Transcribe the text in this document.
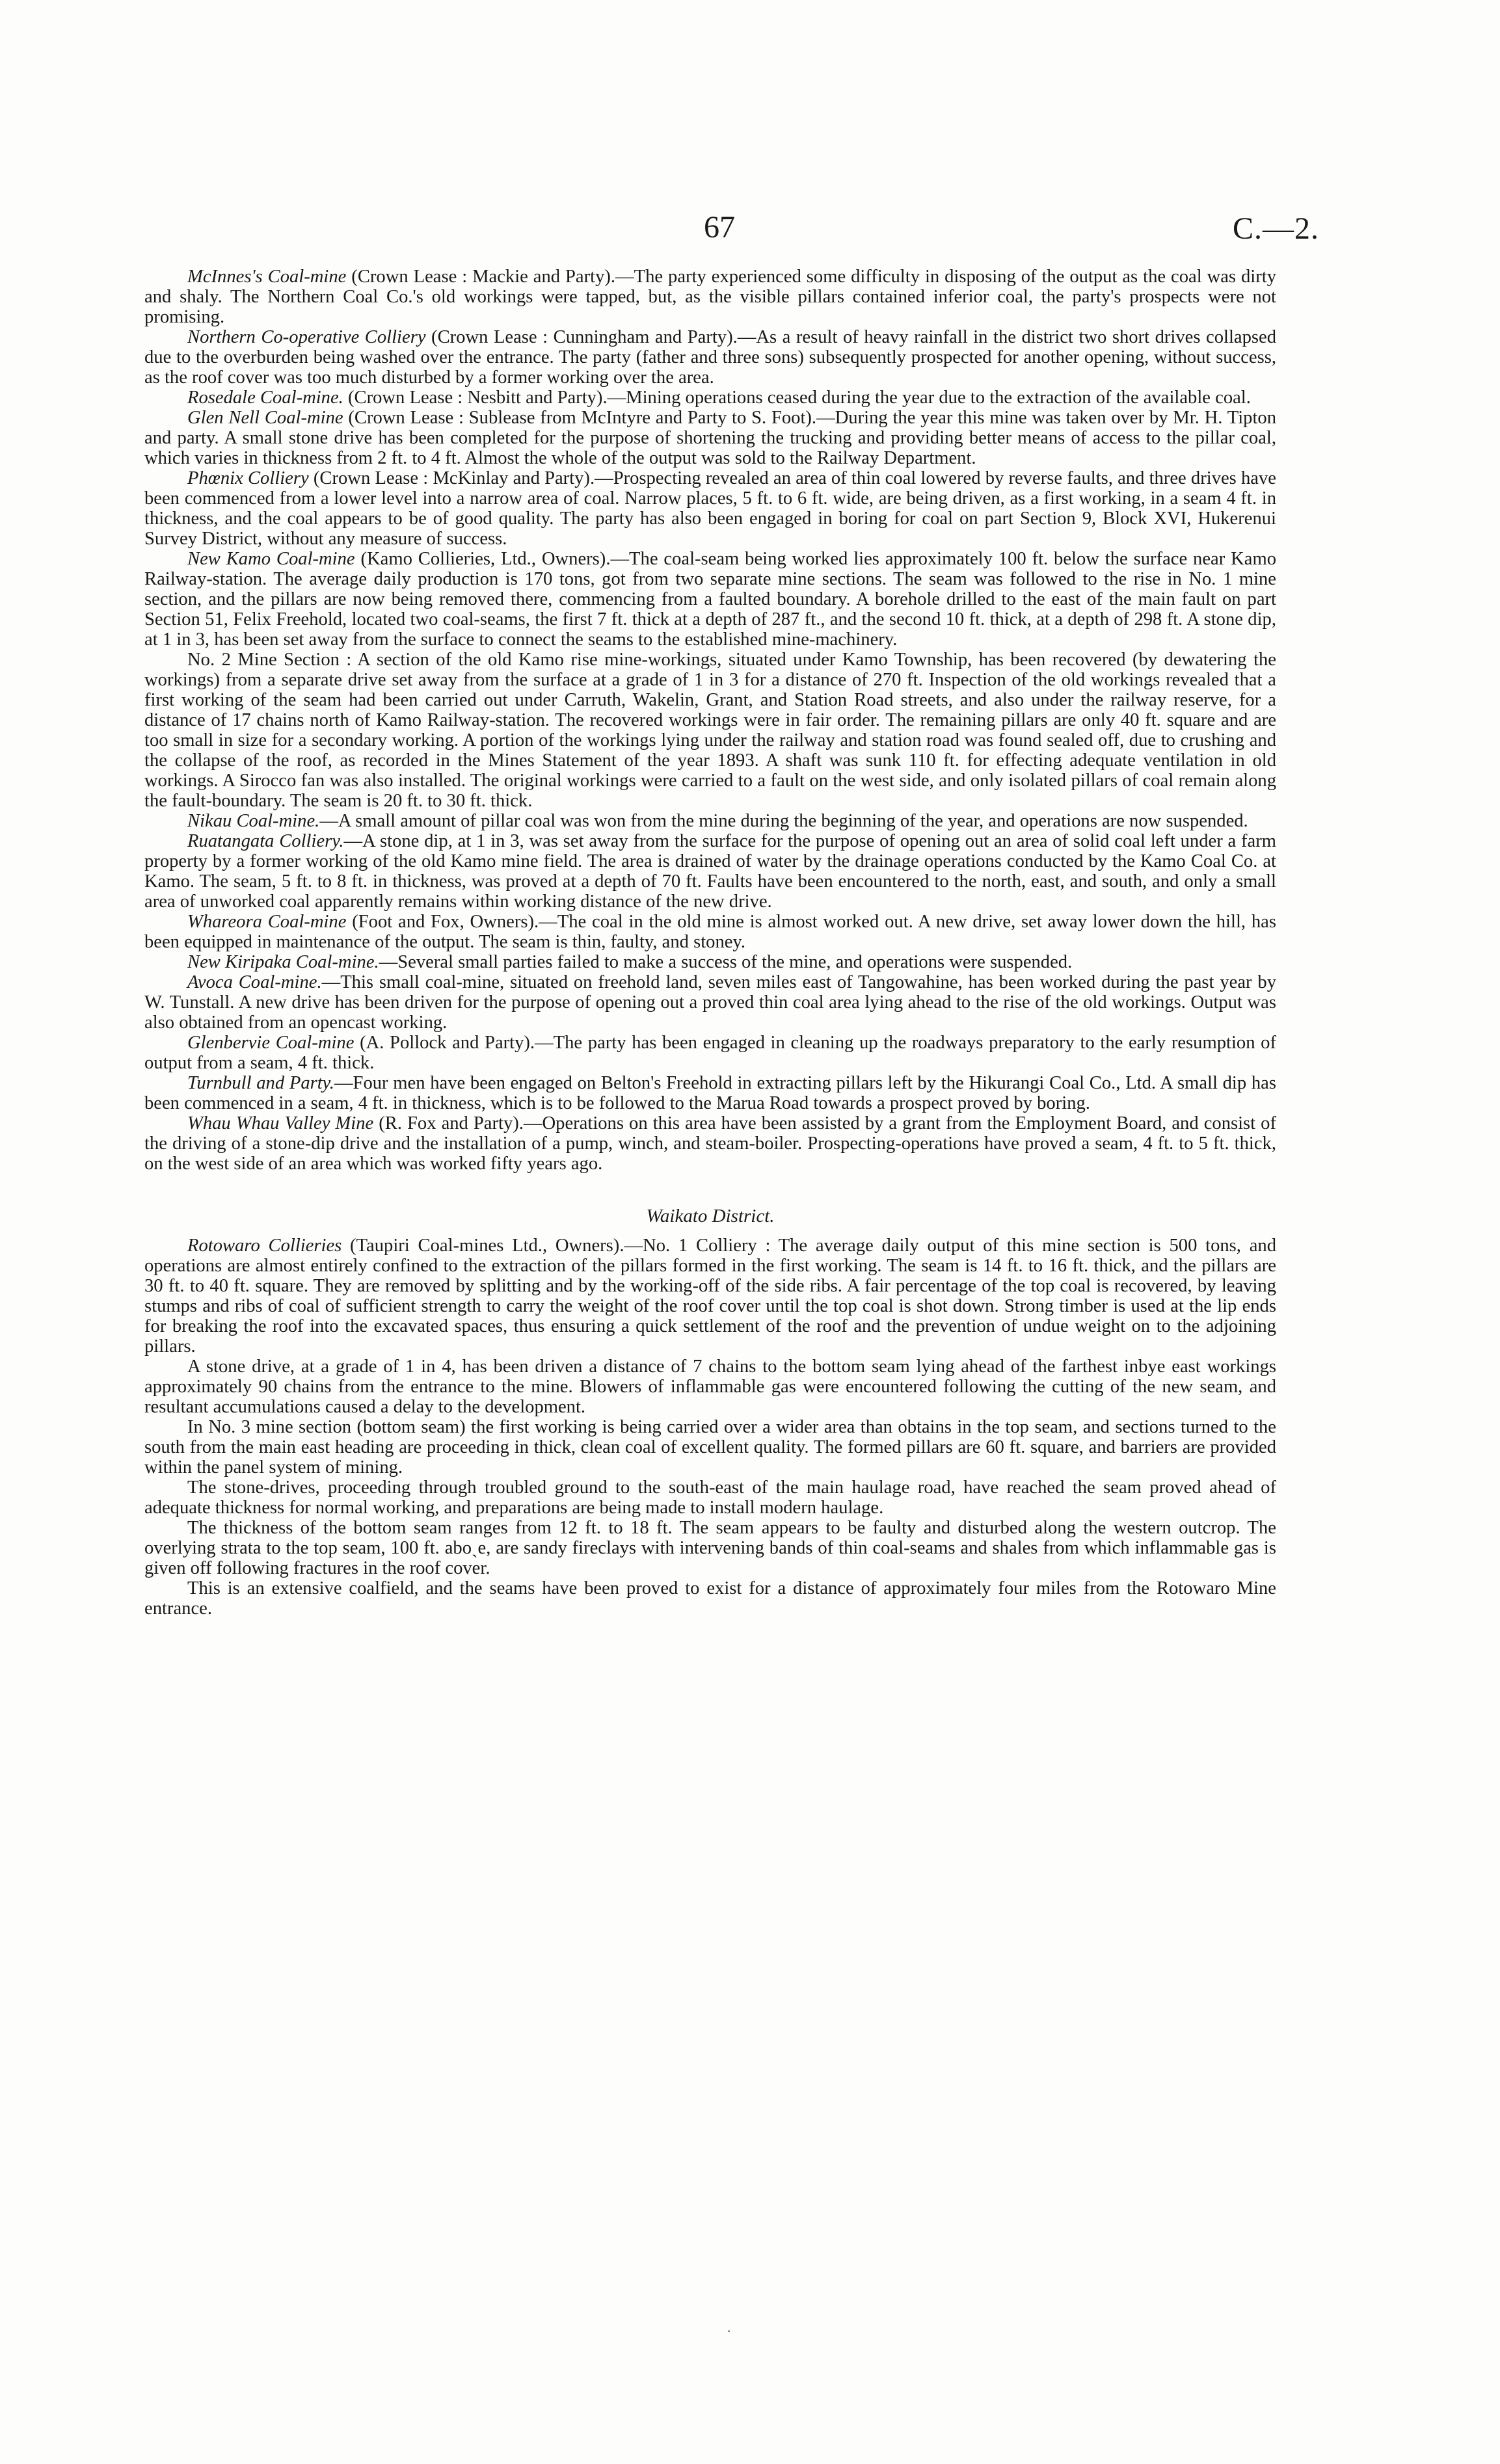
67	C.—2.

McInnes's Coal-mine (Crown Lease : Mackie and Party).—The party experienced some difficulty in disposing of the output as the coal was dirty and shaly. The Northern Coal Co.'s old workings were tapped, but, as the visible pillars contained inferior coal, the party's prospects were not promising.

Northern Co-operative Colliery (Crown Lease : Cunningham and Party).—As a result of heavy rainfall in the district two short drives collapsed due to the overburden being washed over the entrance. The party (father and three sons) subsequently prospected for another opening, without success, as the roof cover was too much disturbed by a former working over the area.

Rosedale Coal-mine. (Crown Lease : Nesbitt and Party).—Mining operations ceased during the year due to the extraction of the available coal.

Glen Nell Coal-mine (Crown Lease : Sublease from McIntyre and Party to S. Foot).—During the year this mine was taken over by Mr. H. Tipton and party. A small stone drive has been completed for the purpose of shortening the trucking and providing better means of access to the pillar coal, which varies in thickness from 2 ft. to 4 ft. Almost the whole of the output was sold to the Railway Department.

Phœnix Colliery (Crown Lease : McKinlay and Party).—Prospecting revealed an area of thin coal lowered by reverse faults, and three drives have been commenced from a lower level into a narrow area of coal. Narrow places, 5 ft. to 6 ft. wide, are being driven, as a first working, in a seam 4 ft. in thickness, and the coal appears to be of good quality. The party has also been engaged in boring for coal on part Section 9, Block XVI, Hukerenui Survey District, without any measure of success.

New Kamo Coal-mine (Kamo Collieries, Ltd., Owners).—The coal-seam being worked lies approximately 100 ft. below the surface near Kamo Railway-station. The average daily production is 170 tons, got from two separate mine sections. The seam was followed to the rise in No. 1 mine section, and the pillars are now being removed there, commencing from a faulted boundary. A borehole drilled to the east of the main fault on part Section 51, Felix Freehold, located two coal-seams, the first 7 ft. thick at a depth of 287 ft., and the second 10 ft. thick, at a depth of 298 ft. A stone dip, at 1 in 3, has been set away from the surface to connect the seams to the established mine-machinery.

No. 2 Mine Section : A section of the old Kamo rise mine-workings, situated under Kamo Township, has been recovered (by dewatering the workings) from a separate drive set away from the surface at a grade of 1 in 3 for a distance of 270 ft. Inspection of the old workings revealed that a first working of the seam had been carried out under Carruth, Wakelin, Grant, and Station Road streets, and also under the railway reserve, for a distance of 17 chains north of Kamo Railway-station. The recovered workings were in fair order. The remaining pillars are only 40 ft. square and are too small in size for a secondary working. A portion of the workings lying under the railway and station road was found sealed off, due to crushing and the collapse of the roof, as recorded in the Mines Statement of the year 1893. A shaft was sunk 110 ft. for effecting adequate ventilation in old workings. A Sirocco fan was also installed. The original workings were carried to a fault on the west side, and only isolated pillars of coal remain along the fault-boundary. The seam is 20 ft. to 30 ft. thick.

Nikau Coal-mine.—A small amount of pillar coal was won from the mine during the beginning of the year, and operations are now suspended.

Ruatangata Colliery.—A stone dip, at 1 in 3, was set away from the surface for the purpose of opening out an area of solid coal left under a farm property by a former working of the old Kamo mine field. The area is drained of water by the drainage operations conducted by the Kamo Coal Co. at Kamo. The seam, 5 ft. to 8 ft. in thickness, was proved at a depth of 70 ft. Faults have been encountered to the north, east, and south, and only a small area of unworked coal apparently remains within working distance of the new drive.

Whareora Coal-mine (Foot and Fox, Owners).—The coal in the old mine is almost worked out. A new drive, set away lower down the hill, has been equipped in maintenance of the output. The seam is thin, faulty, and stoney.

New Kiripaka Coal-mine.—Several small parties failed to make a success of the mine, and operations were suspended.

Avoca Coal-mine.—This small coal-mine, situated on freehold land, seven miles east of Tangowahine, has been worked during the past year by W. Tunstall. A new drive has been driven for the purpose of opening out a proved thin coal area lying ahead to the rise of the old workings. Output was also obtained from an opencast working.

Glenbervie Coal-mine (A. Pollock and Party).—The party has been engaged in cleaning up the roadways preparatory to the early resumption of output from a seam, 4 ft. thick.

Turnbull and Party.—Four men have been engaged on Belton's Freehold in extracting pillars left by the Hikurangi Coal Co., Ltd. A small dip has been commenced in a seam, 4 ft. in thickness, which is to be followed to the Marua Road towards a prospect proved by boring.

Whau Whau Valley Mine (R. Fox and Party).—Operations on this area have been assisted by a grant from the Employment Board, and consist of the driving of a stone-dip drive and the installation of a pump, winch, and steam-boiler. Prospecting-operations have proved a seam, 4 ft. to 5 ft. thick, on the west side of an area which was worked fifty years ago.

Waikato District.

Rotowaro Collieries (Taupiri Coal-mines Ltd., Owners).—No. 1 Colliery : The average daily output of this mine section is 500 tons, and operations are almost entirely confined to the extraction of the pillars formed in the first working. The seam is 14 ft. to 16 ft. thick, and the pillars are 30 ft. to 40 ft. square. They are removed by splitting and by the working-off of the side ribs. A fair percentage of the top coal is recovered, by leaving stumps and ribs of coal of sufficient strength to carry the weight of the roof cover until the top coal is shot down. Strong timber is used at the lip ends for breaking the roof into the excavated spaces, thus ensuring a quick settlement of the roof and the prevention of undue weight on to the adjoining pillars.

A stone drive, at a grade of 1 in 4, has been driven a distance of 7 chains to the bottom seam lying ahead of the farthest inbye east workings approximately 90 chains from the entrance to the mine. Blowers of inflammable gas were encountered following the cutting of the new seam, and resultant accumulations caused a delay to the development.

In No. 3 mine section (bottom seam) the first working is being carried over a wider area than obtains in the top seam, and sections turned to the south from the main east heading are proceeding in thick, clean coal of excellent quality. The formed pillars are 60 ft. square, and barriers are provided within the panel system of mining.

The stone-drives, proceeding through troubled ground to the south-east of the main haulage road, have reached the seam proved ahead of adequate thickness for normal working, and preparations are being made to install modern haulage.

The thickness of the bottom seam ranges from 12 ft. to 18 ft. The seam appears to be faulty and disturbed along the western outcrop. The overlying strata to the top seam, 100 ft. aboˏe, are sandy fireclays with intervening bands of thin coal-seams and shales from which inflammable gas is given off following fractures in the roof cover.

This is an extensive coalfield, and the seams have been proved to exist for a distance of approximately four miles from the Rotowaro Mine entrance.

·
